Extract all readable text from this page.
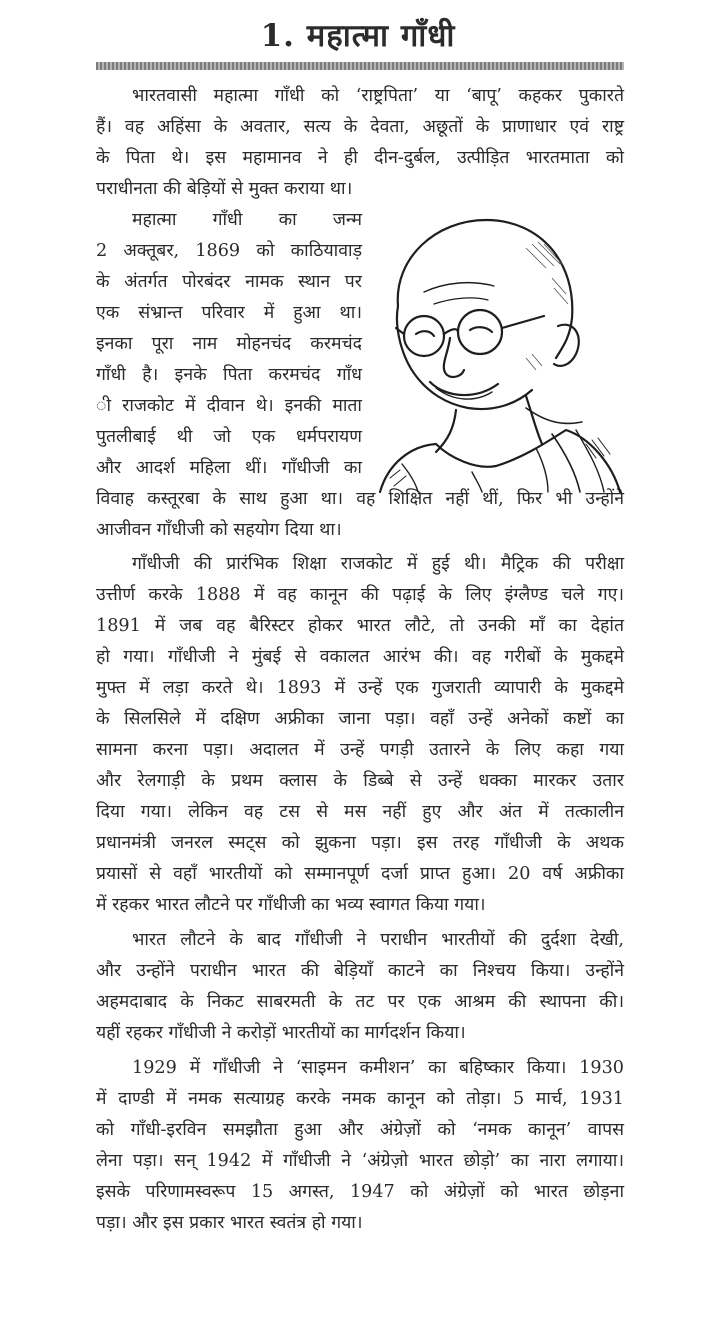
1. महात्मा गाँधी
भारतवासी महात्मा गाँधी को ‘राष्ट्रपिता’ या ‘बापू’ कहकर पुकारते
हैं। वह अहिंसा के अवतार, सत्य के देवता, अछूतों के प्राणाधार एवं राष्ट्र
के पिता थे। इस महामानव ने ही दीन-दुर्बल, उत्पीड़ित भारतमाता को
पराधीनता की बेड़ियों से मुक्त कराया था।
महात्मा गाँधी का जन्म
2 अक्तूबर, 1869 को काठियावाड़
के अंतर्गत पोरबंदर नामक स्थान पर
एक संभ्रान्त परिवार में हुआ था।
इनका पूरा नाम मोहनचंद करमचंद
गाँधी है। इनके पिता करमचंद गाँध
ी राजकोट में दीवान थे। इनकी माता
पुतलीबाई थी जो एक धर्मपरायण
और आदर्श महिला थीं। गाँधीजी का
विवाह कस्तूरबा के साथ हुआ था। वह शिक्षित नहीं थीं, फिर भी उन्होंने
आजीवन गाँधीजी को सहयोग दिया था।
गाँधीजी की प्रारंभिक शिक्षा राजकोट में हुई थी। मैट्रिक की परीक्षा
उत्तीर्ण करके 1888 में वह कानून की पढ़ाई के लिए इंग्लैण्ड चले गए।
1891 में जब वह बैरिस्टर होकर भारत लौटे, तो उनकी माँ का देहांत
हो गया। गाँधीजी ने मुंबई से वकालत आरंभ की। वह गरीबों के मुकद्दमे
मुफ्त में लड़ा करते थे। 1893 में उन्हें एक गुजराती व्यापारी के मुकद्दमे
के सिलसिले में दक्षिण अफ्रीका जाना पड़ा। वहाँ उन्हें अनेकों कष्टों का
सामना करना पड़ा। अदालत में उन्हें पगड़ी उतारने के लिए कहा गया
और रेलगाड़ी के प्रथम क्लास के डिब्बे से उन्हें धक्का मारकर उतार
दिया गया। लेकिन वह टस से मस नहीं हुए और अंत में तत्कालीन
प्रधानमंत्री जनरल स्मट्स को झुकना पड़ा। इस तरह गाँधीजी के अथक
प्रयासों से वहाँ भारतीयों को सम्मानपूर्ण दर्जा प्राप्त हुआ। 20 वर्ष अफ्रीका
में रहकर भारत लौटने पर गाँधीजी का भव्य स्वागत किया गया।
भारत लौटने के बाद गाँधीजी ने पराधीन भारतीयों की दुर्दशा देखी,
और उन्होंने पराधीन भारत की बेड़ियाँ काटने का निश्चय किया। उन्होंने
अहमदाबाद के निकट साबरमती के तट पर एक आश्रम की स्थापना की।
यहीं रहकर गाँधीजी ने करोड़ों भारतीयों का मार्गदर्शन किया।
1929 में गाँधीजी ने ‘साइमन कमीशन’ का बहिष्कार किया। 1930
में दाण्डी में नमक सत्याग्रह करके नमक कानून को तोड़ा। 5 मार्च, 1931
को गाँधी-इरविन समझौता हुआ और अंग्रेज़ों को ‘नमक कानून’ वापस
लेना पड़ा। सन् 1942 में गाँधीजी ने ‘अंग्रेज़ो भारत छोड़ो’ का नारा लगाया।
इसके परिणामस्वरूप 15 अगस्त, 1947 को अंग्रेज़ों को भारत छोड़ना
पड़ा। और इस प्रकार भारत स्वतंत्र हो गया।
